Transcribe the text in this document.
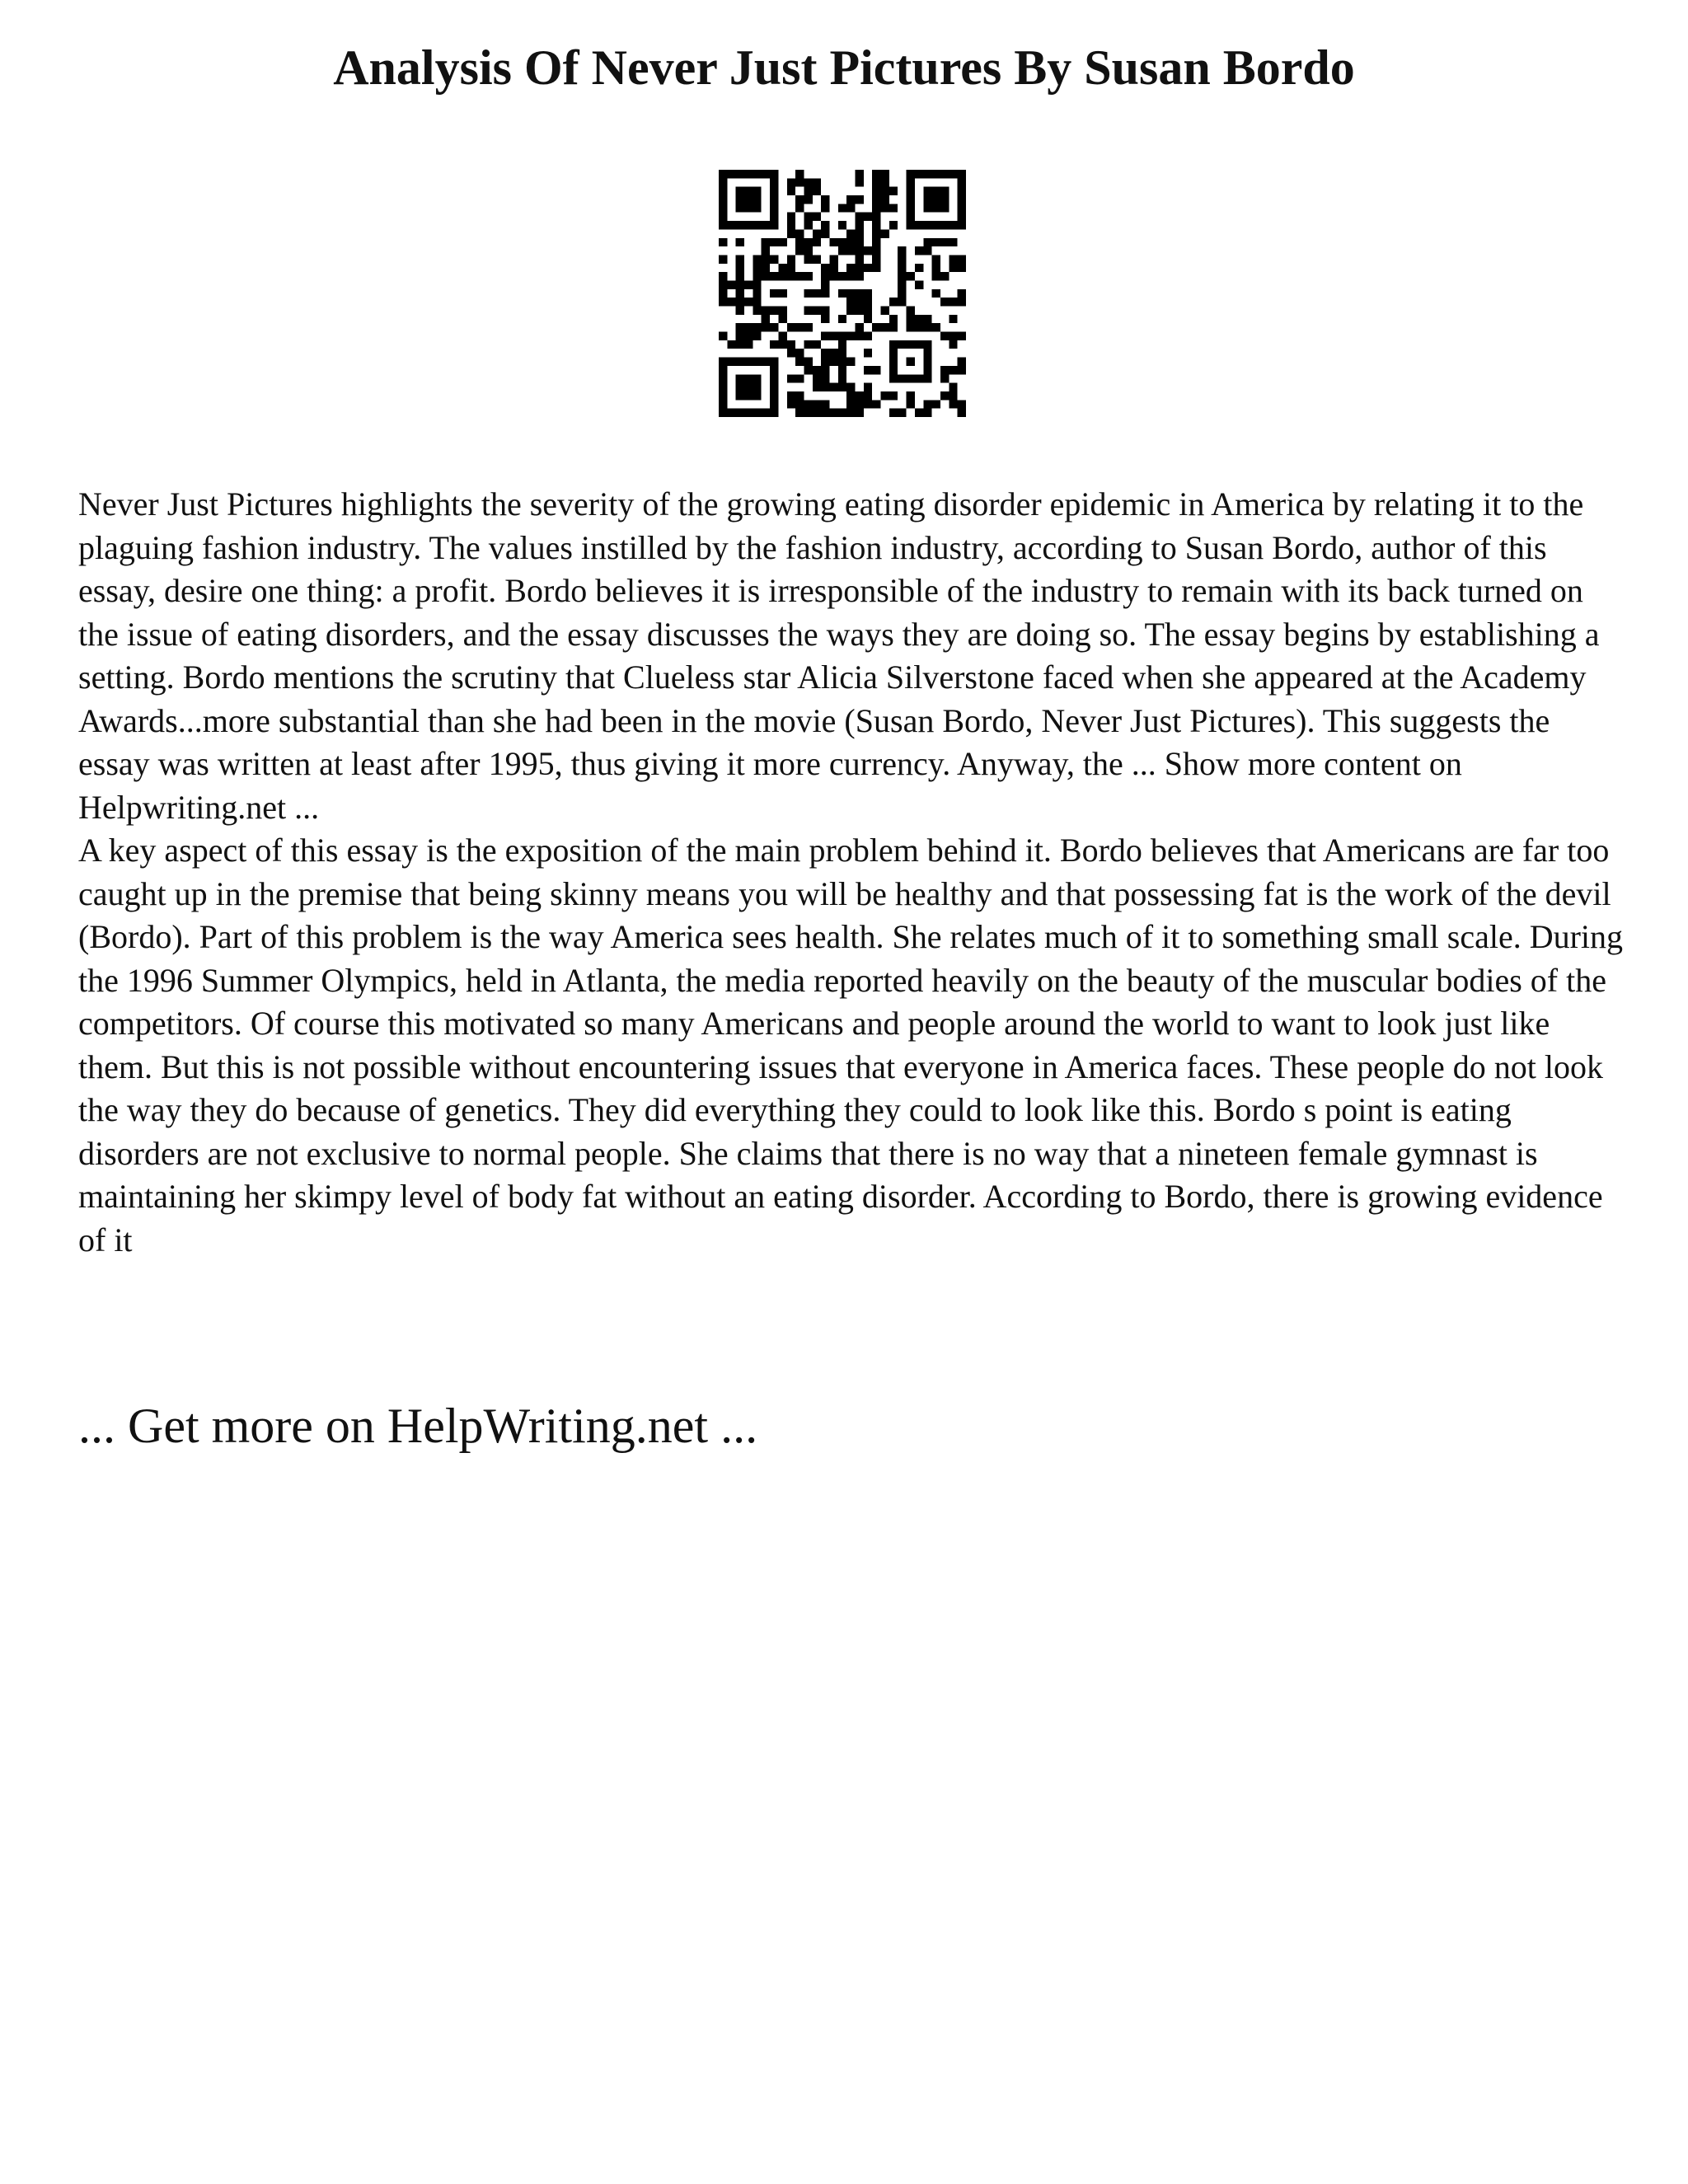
Analysis Of Never Just Pictures By Susan Bordo

Never Just Pictures highlights the severity of the growing eating disorder epidemic in America by relating it to the plaguing fashion industry. The values instilled by the fashion industry, according to Susan Bordo, author of this essay, desire one thing: a profit. Bordo believes it is irresponsible of the industry to remain with its back turned on the issue of eating disorders, and the essay discusses the ways they are doing so. The essay begins by establishing a setting. Bordo mentions the scrutiny that Clueless star Alicia Silverstone faced when she appeared at the Academy Awards...more substantial than she had been in the movie (Susan Bordo, Never Just Pictures). This suggests the essay was written at least after 1995, thus giving it more currency. Anyway, the ... Show more content on Helpwriting.net ...

A key aspect of this essay is the exposition of the main problem behind it. Bordo believes that Americans are far too caught up in the premise that being skinny means you will be healthy and that possessing fat is the work of the devil (Bordo). Part of this problem is the way America sees health. She relates much of it to something small scale. During the 1996 Summer Olympics, held in Atlanta, the media reported heavily on the beauty of the muscular bodies of the competitors. Of course this motivated so many Americans and people around the world to want to look just like them. But this is not possible without encountering issues that everyone in America faces. These people do not look the way they do because of genetics. They did everything they could to look like this. Bordo s point is eating disorders are not exclusive to normal people. She claims that there is no way that a nineteen female gymnast is maintaining her skimpy level of body fat without an eating disorder. According to Bordo, there is growing evidence of it

... Get more on HelpWriting.net ...
